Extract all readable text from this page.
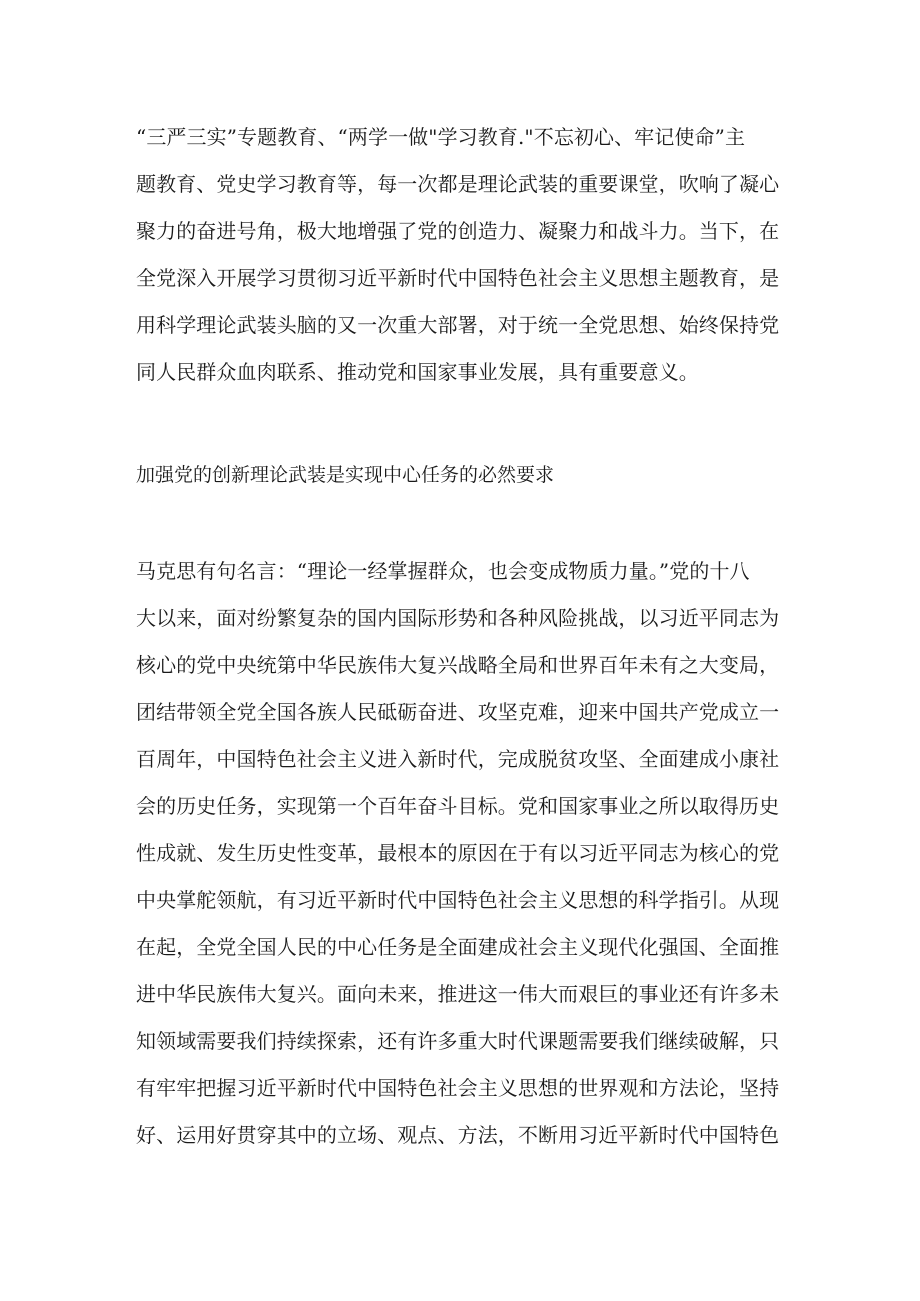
“三严三实”专题教育、“两学一做"学习教育."不忘初心、牢记使命”主
题教育、党史学习教育等，每一次都是理论武装的重要课堂，吹响了凝心
聚力的奋进号角，极大地增强了党的创造力、凝聚力和战斗力。当下，在
全党深入开展学习贯彻习近平新时代中国特色社会主义思想主题教育，是
用科学理论武装头脑的又一次重大部署，对于统一全党思想、始终保持党
同人民群众血肉联系、推动党和国家事业发展，具有重要意义。
加强党的创新理论武装是实现中心任务的必然要求
马克思有句名言：“理论一经掌握群众，也会变成物质力量。”党的十八
大以来，面对纷繁复杂的国内国际形势和各种风险挑战，以习近平同志为
核心的党中央统第中华民族伟大复兴战略全局和世界百年未有之大变局，
团结带领全党全国各族人民砥砺奋进、攻坚克难，迎来中国共产党成立一
百周年，中国特色社会主义进入新时代，完成脱贫攻坚、全面建成小康社
会的历史任务，实现第一个百年奋斗目标。党和国家事业之所以取得历史
性成就、发生历史性变革，最根本的原因在于有以习近平同志为核心的党
中央掌舵领航，有习近平新时代中国特色社会主义思想的科学指引。从现
在起，全党全国人民的中心任务是全面建成社会主义现代化强国、全面推
进中华民族伟大复兴。面向未来，推进这一伟大而艰巨的事业还有许多未
知领域需要我们持续探索，还有许多重大时代课题需要我们继续破解，只
有牢牢把握习近平新时代中国特色社会主义思想的世界观和方法论，坚持
好、运用好贯穿其中的立场、观点、方法，不断用习近平新时代中国特色
